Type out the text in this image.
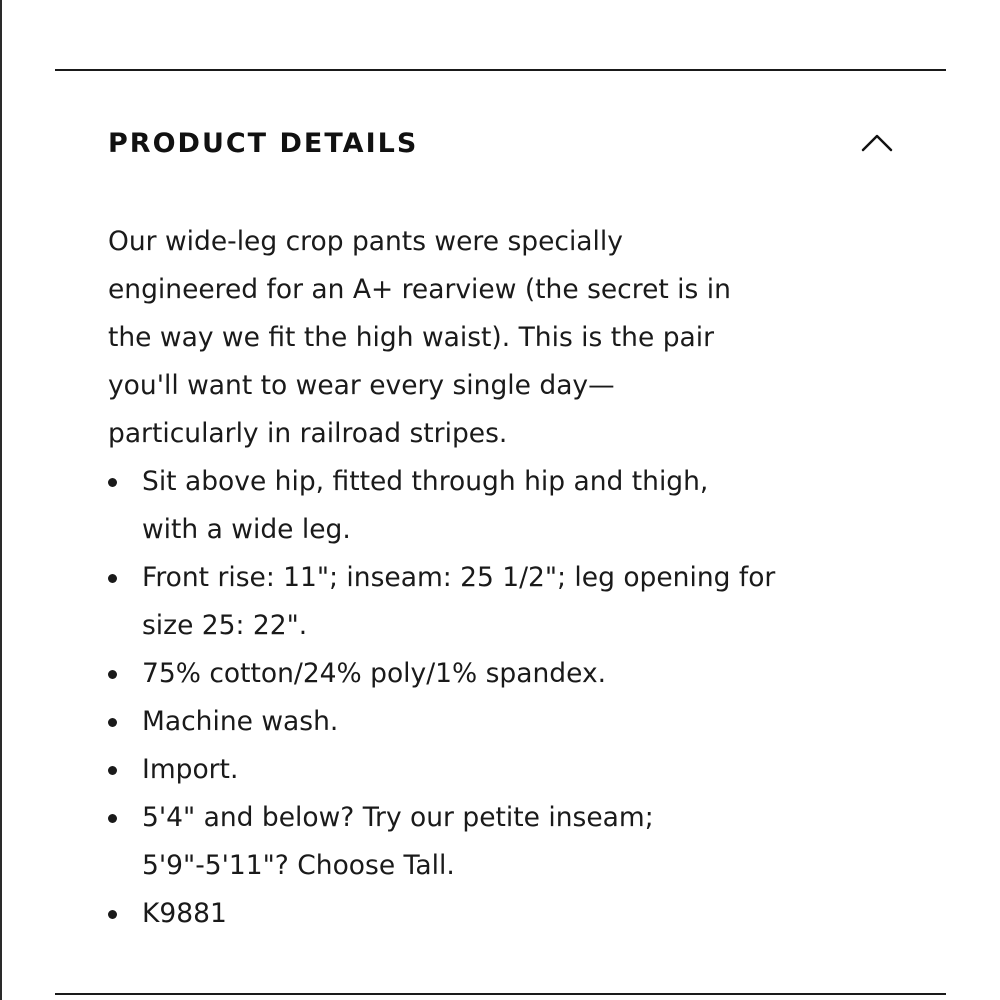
PRODUCT DETAILS
Our wide-leg crop pants were specially
engineered for an A+ rearview (the secret is in
the way we fit the high waist). This is the pair
you'll want to wear every single day—
particularly in railroad stripes.
Sit above hip, fitted through hip and thigh,
with a wide leg.
Front rise: 11"; inseam: 25 1/2"; leg opening for
size 25: 22".
75% cotton/24% poly/1% spandex.
Machine wash.
Import.
5'4" and below? Try our petite inseam;
5'9"-5'11"? Choose Tall.
K9881
